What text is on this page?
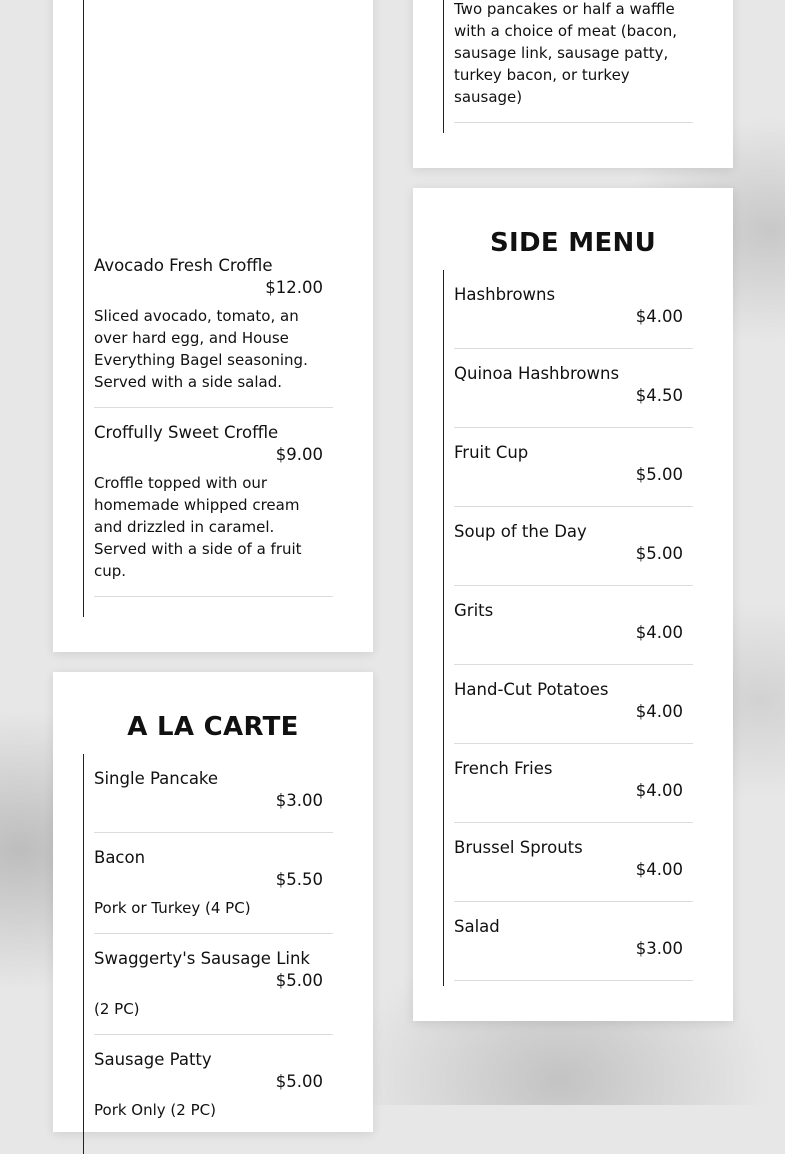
Avocado Fresh Croffle
$12.00
Sliced avocado, tomato, an over hard egg, and House Everything Bagel seasoning. Served with a side salad.
Croffully Sweet Croffle
$9.00
Croffle topped with our homemade whipped cream and drizzled in caramel. Served with a side of a fruit cup.
Two pancakes or half a waffle with a choice of meat (bacon, sausage link, sausage patty, turkey bacon, or turkey sausage)
SIDE MENU
Hashbrowns
$4.00
Quinoa Hashbrowns
$4.50
Fruit Cup
$5.00
Soup of the Day
$5.00
Grits
$4.00
Hand-Cut Potatoes
$4.00
French Fries
$4.00
Brussel Sprouts
$4.00
Salad
$3.00
A LA CARTE
Single Pancake
$3.00
Bacon
$5.50
Pork or Turkey (4 PC)
Swaggerty's Sausage Link
$5.00
(2 PC)
Sausage Patty
$5.00
Pork Only (2 PC)
